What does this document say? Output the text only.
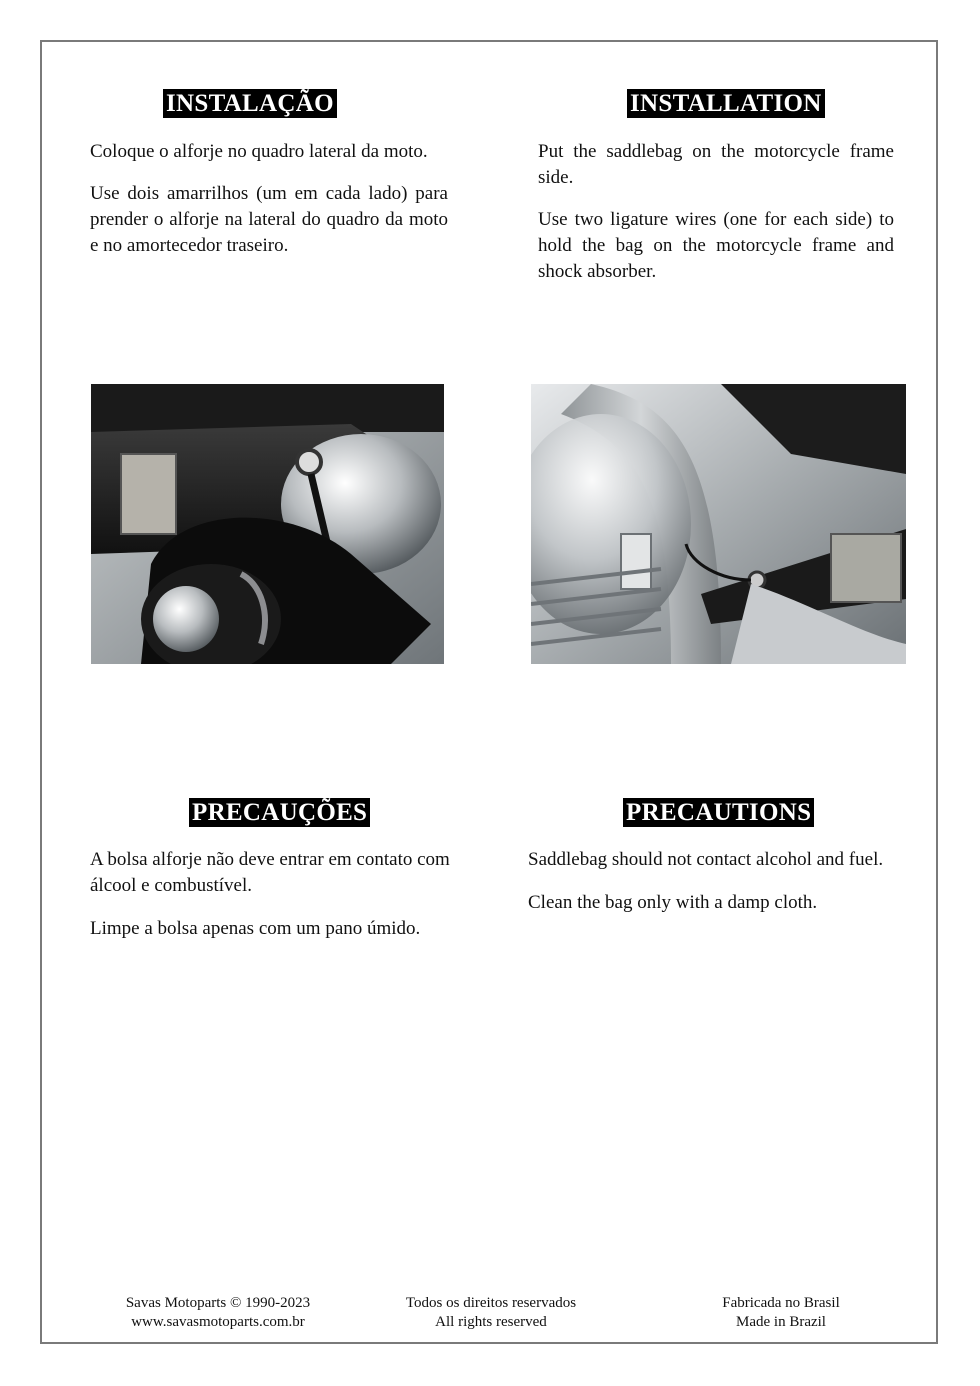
INSTALAÇÃO

Coloque o alforje no quadro lateral da moto.

Use dois amarrilhos (um em cada lado) para prender o alforje na lateral do quadro da moto e no amortecedor traseiro.

INSTALLATION

Put the saddlebag on the motorcycle frame side.

Use two ligature wires (one for each side) to hold the bag on the motorcycle frame and shock absorber.

PRECAUÇÕES

A bolsa alforje não deve entrar em contato com álcool e combustível.

Limpe a bolsa apenas com um pano úmido.

PRECAUTIONS

Saddlebag should not contact alcohol and fuel.

Clean the bag only with a damp cloth.

Savas Motoparts © 1990-2023
www.savasmotoparts.com.br
Todos os direitos reservados
All rights reserved
Fabricada no Brasil
Made in Brazil
